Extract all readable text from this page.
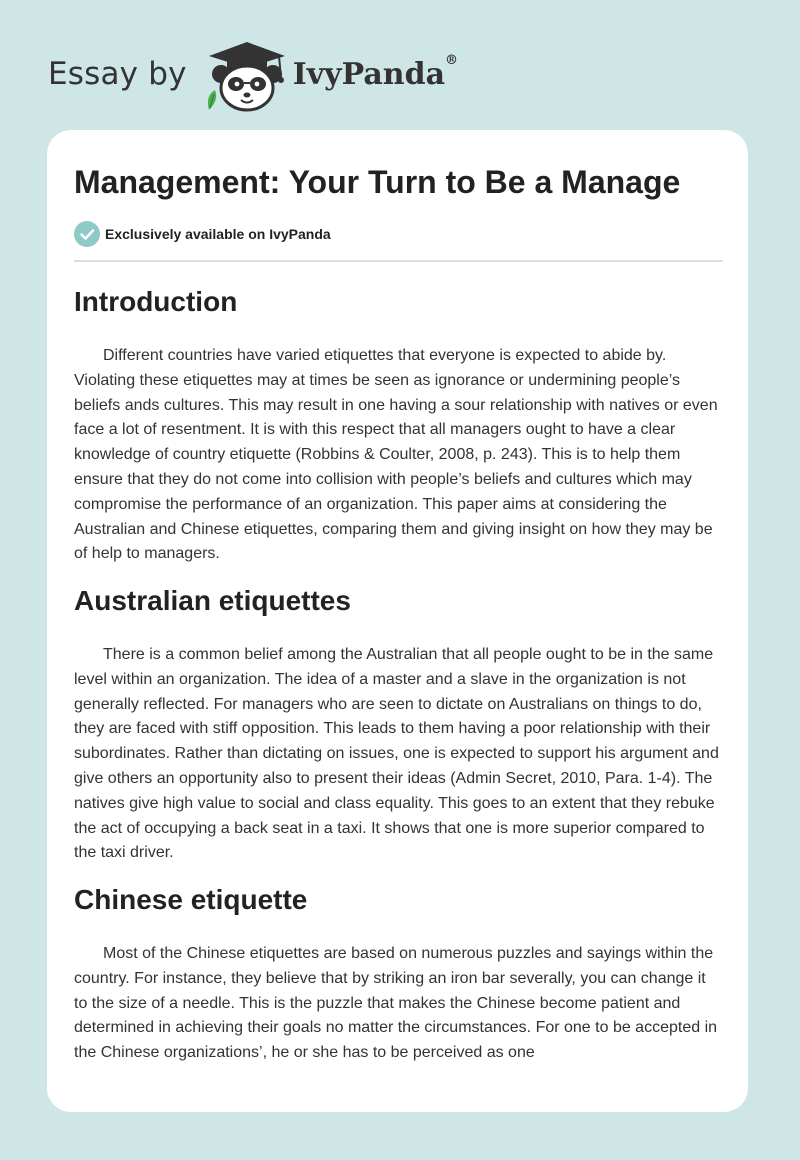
Essay by	IvyPanda®
Management: Your Turn to Be a Manage
Exclusively available on IvyPanda
Introduction

Different countries have varied etiquettes that everyone is expected to abide by. Violating these etiquettes may at times be seen as ignorance or undermining people’s beliefs ands cultures. This may result in one having a sour relationship with natives or even face a lot of resentment. It is with this respect that all managers ought to have a clear knowledge of country etiquette (Robbins & Coulter, 2008, p. 243). This is to help them ensure that they do not come into collision with people’s beliefs and cultures which may compromise the performance of an organization. This paper aims at considering the Australian and Chinese etiquettes, comparing them and giving insight on how they may be of help to managers.

Australian etiquettes

There is a common belief among the Australian that all people ought to be in the same level within an organization. The idea of a master and a slave in the organization is not generally reflected. For managers who are seen to dictate on Australians on things to do, they are faced with stiff opposition. This leads to them having a poor relationship with their subordinates. Rather than dictating on issues, one is expected to support his argument and give others an opportunity also to present their ideas (Admin Secret, 2010, Para. 1-4). The natives give high value to social and class equality. This goes to an extent that they rebuke the act of occupying a back seat in a taxi. It shows that one is more superior compared to the taxi driver.

Chinese etiquette

Most of the Chinese etiquettes are based on numerous puzzles and sayings within the country. For instance, they believe that by striking an iron bar severally, you can change it to the size of a needle. This is the puzzle that makes the Chinese become patient and determined in achieving their goals no matter the circumstances. For one to be accepted in the Chinese organizations’, he or she has to be perceived as one
